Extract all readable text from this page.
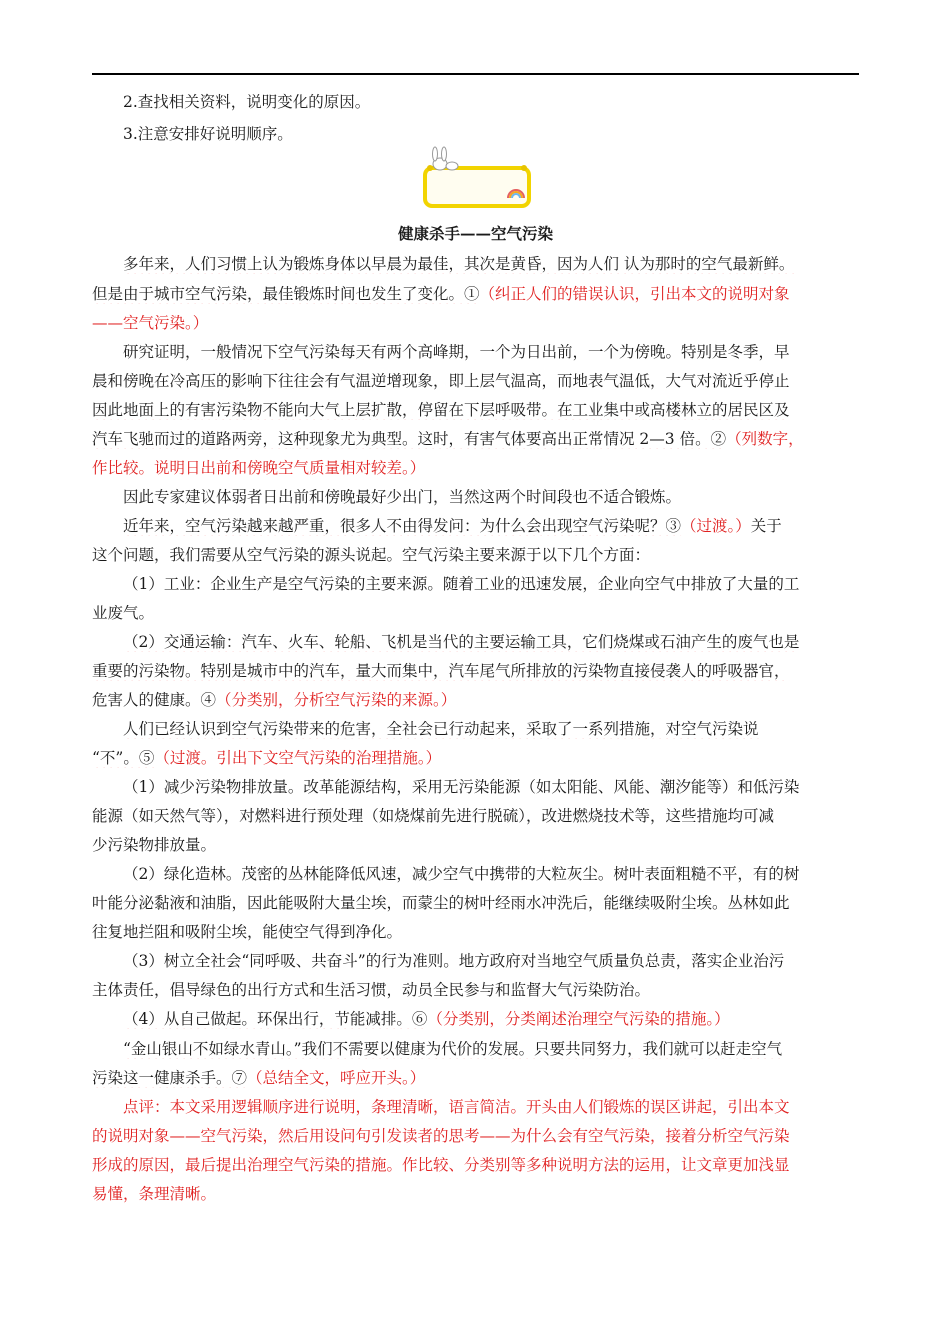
2.查找相关资料，说明变化的原因。
3.注意安排好说明顺序。
健康杀手——空气污染
多年来，人们习惯上认为锻炼身体以早晨为最佳，其次是黄昏，因为人们 认为那时的空气最新鲜。
但是由于城市空气污染，最佳锻炼时间也发生了变化。①（纠正人们的错误认识，引出本文的说明对象
——空气污染。）
研究证明，一般情况下空气污染每天有两个高峰期，一个为日出前，一个为傍晚。特别是冬季，早
晨和傍晚在冷高压的影响下往往会有气温逆增现象，即上层气温高，而地表气温低，大气对流近乎停止
因此地面上的有害污染物不能向大气上层扩散，停留在下层呼吸带。在工业集中或高楼林立的居民区及
汽车飞驰而过的道路两旁，这种现象尤为典型。这时，有害气体要高出正常情况 2—3 倍。②（列数字，
作比较。说明日出前和傍晚空气质量相对较差。）
因此专家建议体弱者日出前和傍晚最好少出门，当然这两个时间段也不适合锻炼。
近年来，空气污染越来越严重，很多人不由得发问：为什么会出现空气污染呢？③（过渡。）关于
这个问题，我们需要从空气污染的源头说起。空气污染主要来源于以下几个方面：
（1）工业：企业生产是空气污染的主要来源。随着工业的迅速发展，企业向空气中排放了大量的工
业废气。
（2）交通运输：汽车、火车、轮船、飞机是当代的主要运输工具，它们烧煤或石油产生的废气也是
重要的污染物。特别是城市中的汽车，量大而集中，汽车尾气所排放的污染物直接侵袭人的呼吸器官，
危害人的健康。④（分类别，分析空气污染的来源。）
人们已经认识到空气污染带来的危害，全社会已行动起来，采取了一系列措施，对空气污染说
“不”。⑤（过渡。引出下文空气污染的治理措施。）
（1）减少污染物排放量。改革能源结构，采用无污染能源（如太阳能、风能、潮汐能等）和低污染
能源（如天然气等），对燃料进行预处理（如烧煤前先进行脱硫），改进燃烧技术等，这些措施均可减
少污染物排放量。
（2）绿化造林。茂密的丛林能降低风速，减少空气中携带的大粒灰尘。树叶表面粗糙不平，有的树
叶能分泌黏液和油脂，因此能吸附大量尘埃，而蒙尘的树叶经雨水冲洗后，能继续吸附尘埃。丛林如此
往复地拦阻和吸附尘埃，能使空气得到净化。
（3）树立全社会“同呼吸、共奋斗”的行为准则。地方政府对当地空气质量负总责，落实企业治污
主体责任，倡导绿色的出行方式和生活习惯，动员全民参与和监督大气污染防治。
（4）从自己做起。环保出行，节能减排。⑥（分类别，分类阐述治理空气污染的措施。）
“金山银山不如绿水青山。”我们不需要以健康为代价的发展。只要共同努力，我们就可以赶走空气
污染这一健康杀手。⑦（总结全文，呼应开头。）
点评：本文采用逻辑顺序进行说明，条理清晰，语言简洁。开头由人们锻炼的误区讲起，引出本文
的说明对象——空气污染，然后用设问句引发读者的思考——为什么会有空气污染，接着分析空气污染
形成的原因，最后提出治理空气污染的措施。作比较、分类别等多种说明方法的运用，让文章更加浅显
易懂，条理清晰。
